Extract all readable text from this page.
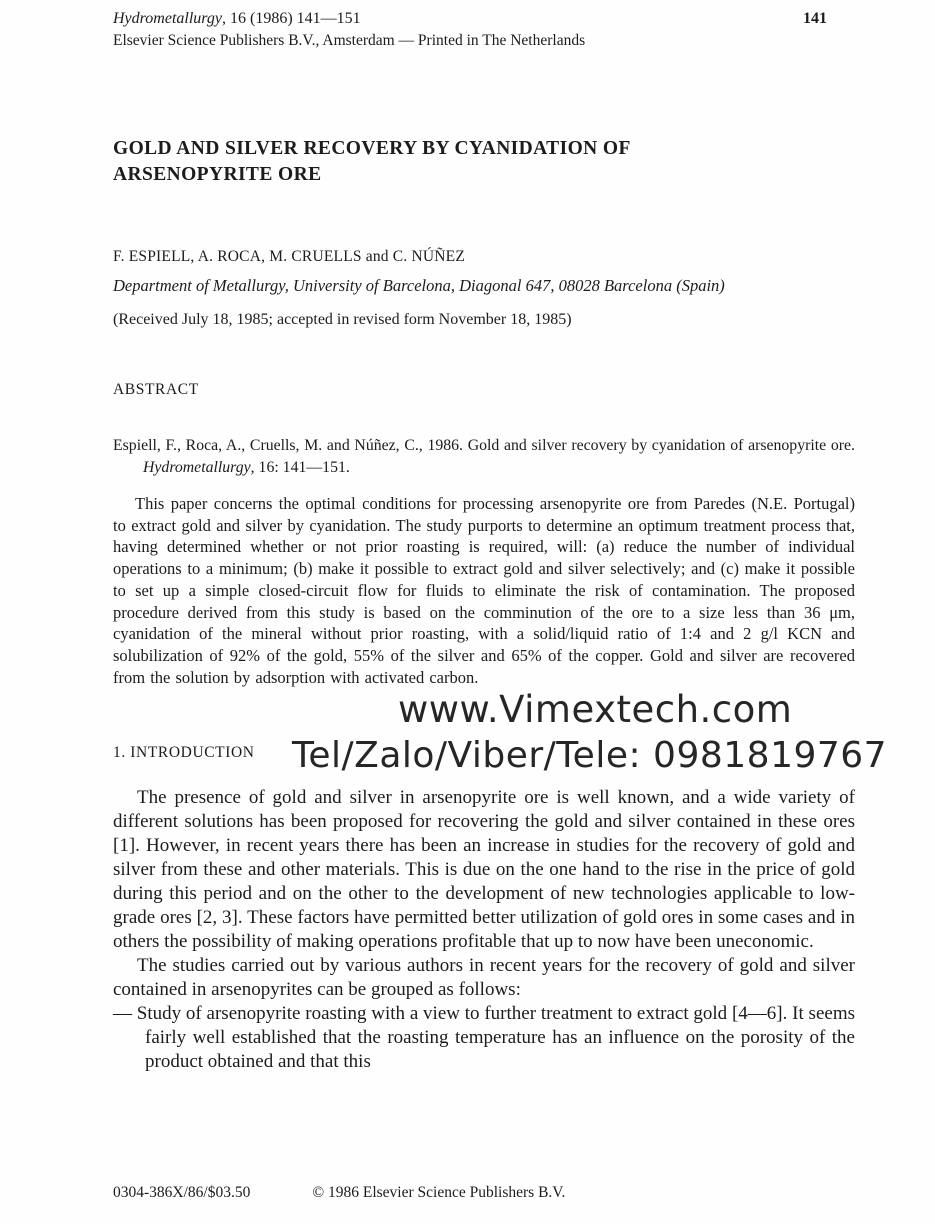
Hydrometallurgy, 16 (1986) 141—151	141
Elsevier Science Publishers B.V., Amsterdam — Printed in The Netherlands
GOLD AND SILVER RECOVERY BY CYANIDATION OF ARSENOPYRITE ORE
F. ESPIELL, A. ROCA, M. CRUELLS and C. NÚÑEZ
Department of Metallurgy, University of Barcelona, Diagonal 647, 08028 Barcelona (Spain)
(Received July 18, 1985; accepted in revised form November 18, 1985)
ABSTRACT

Espiell, F., Roca, A., Cruells, M. and Núñez, C., 1986. Gold and silver recovery by cyanidation of arsenopyrite ore. Hydrometallurgy, 16: 141—151.

This paper concerns the optimal conditions for processing arsenopyrite ore from Paredes (N.E. Portugal) to extract gold and silver by cyanidation. The study purports to determine an optimum treatment process that, having determined whether or not prior roasting is required, will: (a) reduce the number of individual operations to a minimum; (b) make it possible to extract gold and silver selectively; and (c) make it possible to set up a simple closed-circuit flow for fluids to eliminate the risk of contamination. The proposed procedure derived from this study is based on the comminution of the ore to a size less than 36 μm, cyanidation of the mineral without prior roasting, with a solid/liquid ratio of 1:4 and 2 g/l KCN and solubilization of 92% of the gold, 55% of the silver and 65% of the copper. Gold and silver are recovered from the solution by adsorption with activated carbon.

1. INTRODUCTION

The presence of gold and silver in arsenopyrite ore is well known, and a wide variety of different solutions has been proposed for recovering the gold and silver contained in these ores [1]. However, in recent years there has been an increase in studies for the recovery of gold and silver from these and other materials. This is due on the one hand to the rise in the price of gold during this period and on the other to the development of new technologies applicable to low-grade ores [2, 3]. These factors have permitted better utilization of gold ores in some cases and in others the possibility of making operations profitable that up to now have been uneconomic.

The studies carried out by various authors in recent years for the recovery of gold and silver contained in arsenopyrites can be grouped as follows:

— Study of arsenopyrite roasting with a view to further treatment to extract gold [4—6]. It seems fairly well established that the roasting temperature has an influence on the porosity of the product obtained and that this

0304-386X/86/$03.50	© 1986 Elsevier Science Publishers B.V.
www.Vimextech.com
Tel/Zalo/Viber/Tele: 0981819767
